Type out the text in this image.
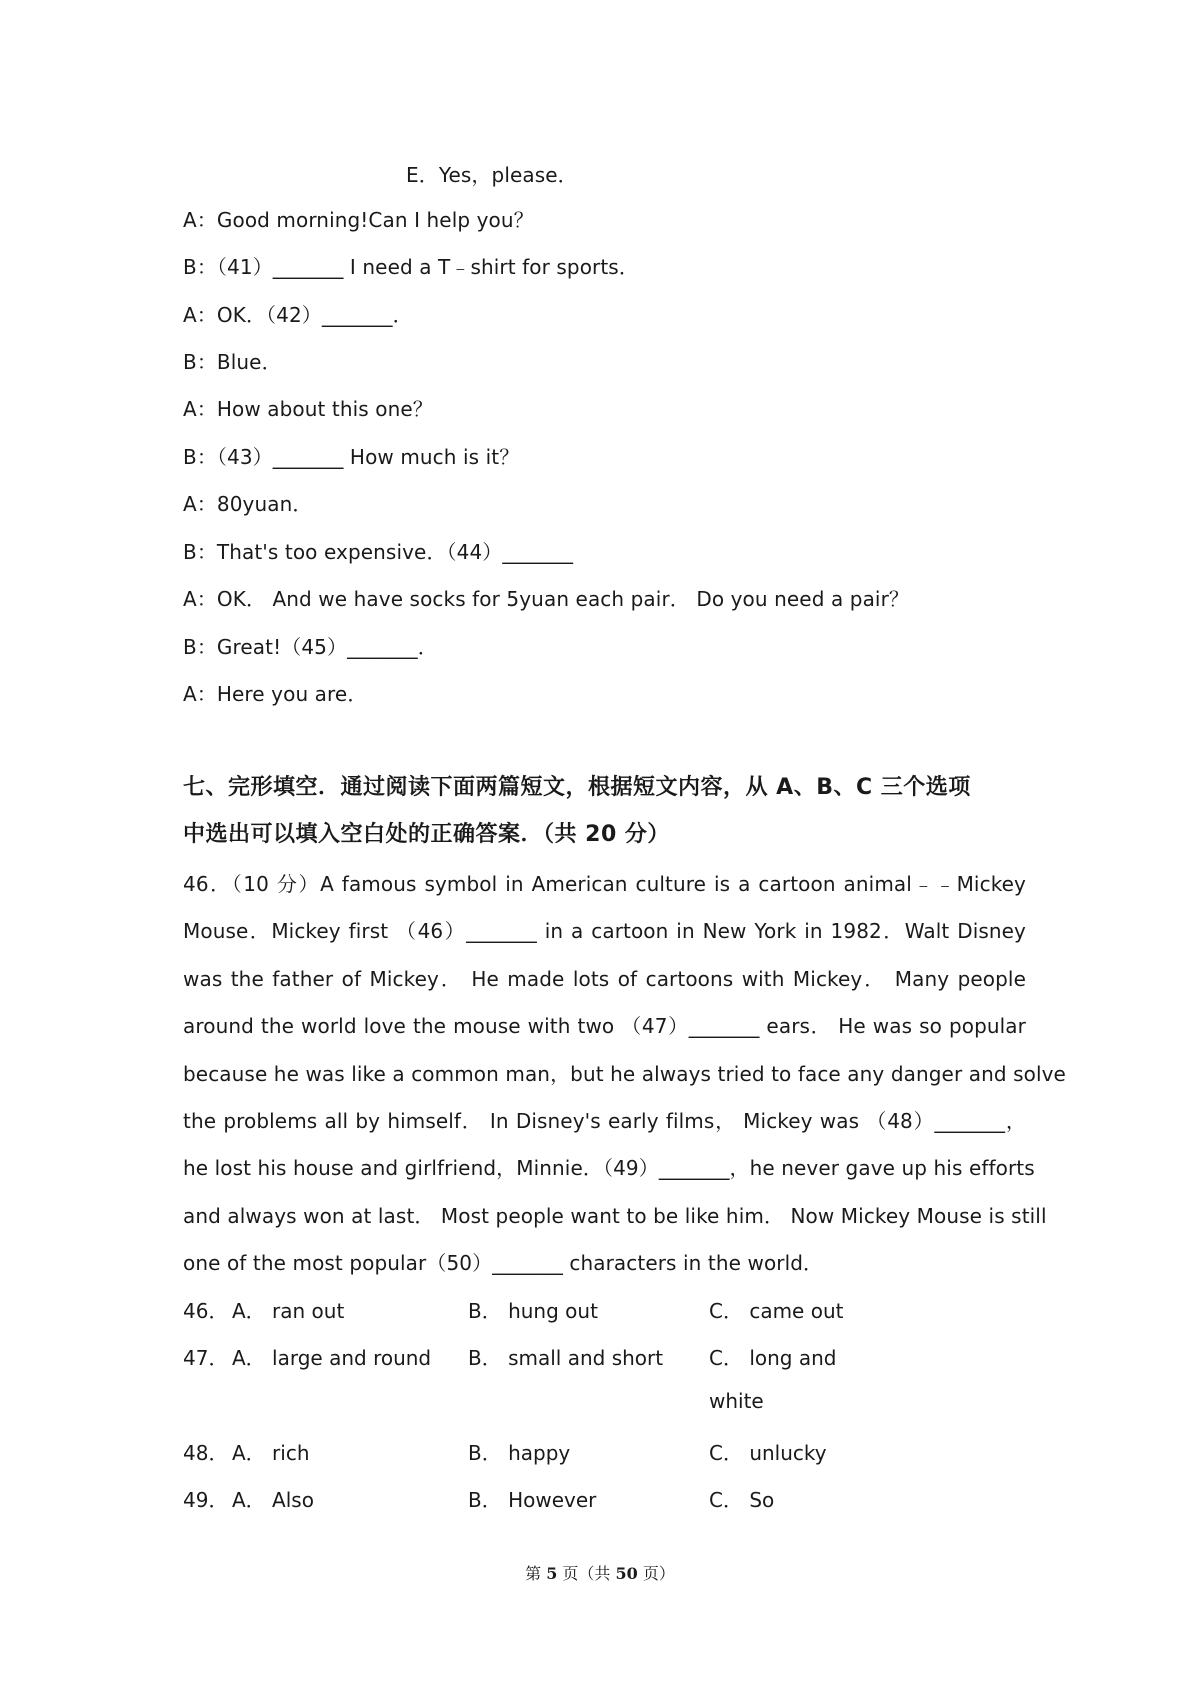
E．Yes，please．
A：Good morning!Can I help you？
B：（41）_______ I need a T﹣shirt for sports．
A：OK．（42）_______．
B：Blue．
A：How about this one？
B：（43）_______ How much is it？
A：80yuan．
B：That's too expensive．（44）_______
A：OK． And we have socks for 5yuan each pair． Do you need a pair？
B：Great!（45）_______．
A：Here you are．
七、完形填空．通过阅读下面两篇短文，根据短文内容，从 A、B、C 三个选项
中选出可以填入空白处的正确答案．（共 20 分）
46．（10 分）A famous symbol in American culture is a cartoon animal﹣﹣Mickey
Mouse．Mickey first （46）_______ in a cartoon in New York in 1982．Walt Disney
was the father of Mickey． He made lots of cartoons with Mickey． Many people
around the world love the mouse with two （47）_______ ears． He was so popular
because he was like a common man，but he always tried to face any danger and solve
the problems all by himself． In Disney's early films， Mickey was （48）_______，
he lost his house and girlfriend，Minnie．（49）_______，he never gave up his efforts
and always won at last． Most people want to be like him． Now Mickey Mouse is still
one of the most popular（50）_______ characters in the world．
46． A． ran out	B． hung out	C． came out
47． A． large and round B． small and short C． long and
white
48． A． rich	B． happy	C． unlucky
49． A． Also	B． However	C． So
第 5 页（共 50 页）
